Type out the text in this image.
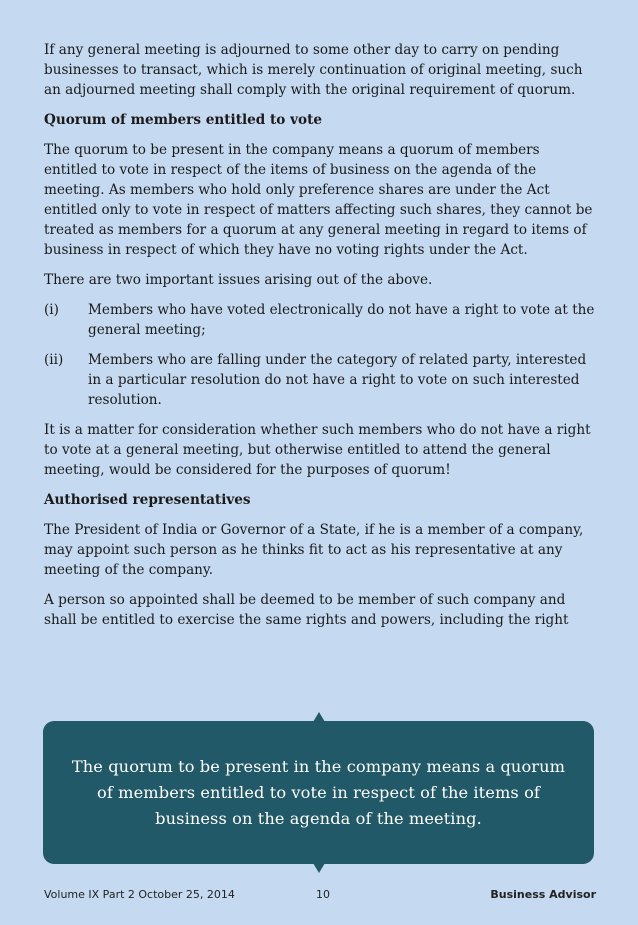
If any general meeting is adjourned to some other day to carry on pending businesses to transact, which is merely continuation of original meeting, such an adjourned meeting shall comply with the original requirement of quorum.

Quorum of members entitled to vote

The quorum to be present in the company means a quorum of members entitled to vote in respect of the items of business on the agenda of the meeting. As members who hold only preference shares are under the Act entitled only to vote in respect of matters affecting such shares, they cannot be treated as members for a quorum at any general meeting in regard to items of business in respect of which they have no voting rights under the Act.

There are two important issues arising out of the above.

(i)	Members who have voted electronically do not have a right to vote at the general meeting;
(ii)	Members who are falling under the category of related party, interested in a particular resolution do not have a right to vote on such interested resolution.

It is a matter for consideration whether such members who do not have a right to vote at a general meeting, but otherwise entitled to attend the general meeting, would be considered for the purposes of quorum!

Authorised representatives

The President of India or Governor of a State, if he is a member of a company, may appoint such person as he thinks fit to act as his representative at any meeting of the company.

A person so appointed shall be deemed to be member of such company and shall be entitled to exercise the same rights and powers, including the right

The quorum to be present in the company means a quorum of members entitled to vote in respect of the items of business on the agenda of the meeting.
Volume IX Part 2 October 25, 2014	10	Business Advisor
